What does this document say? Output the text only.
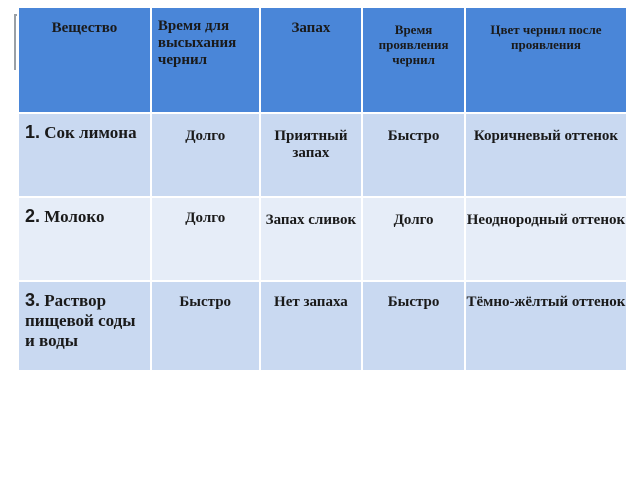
Вещество	Время для высыхания чернил	Запах	Время проявления чернил	Цвет чернил после проявления

1. Сок лимона	Долго	Приятный запах	Быстро	Коричневый оттенок

2. Молоко	Долго	Запах сливок	Долго	Неоднородный оттенок

3. Раствор пищевой соды и воды	Быстро	Нет запаха	Быстро	Тёмно-жёлтый оттенок
